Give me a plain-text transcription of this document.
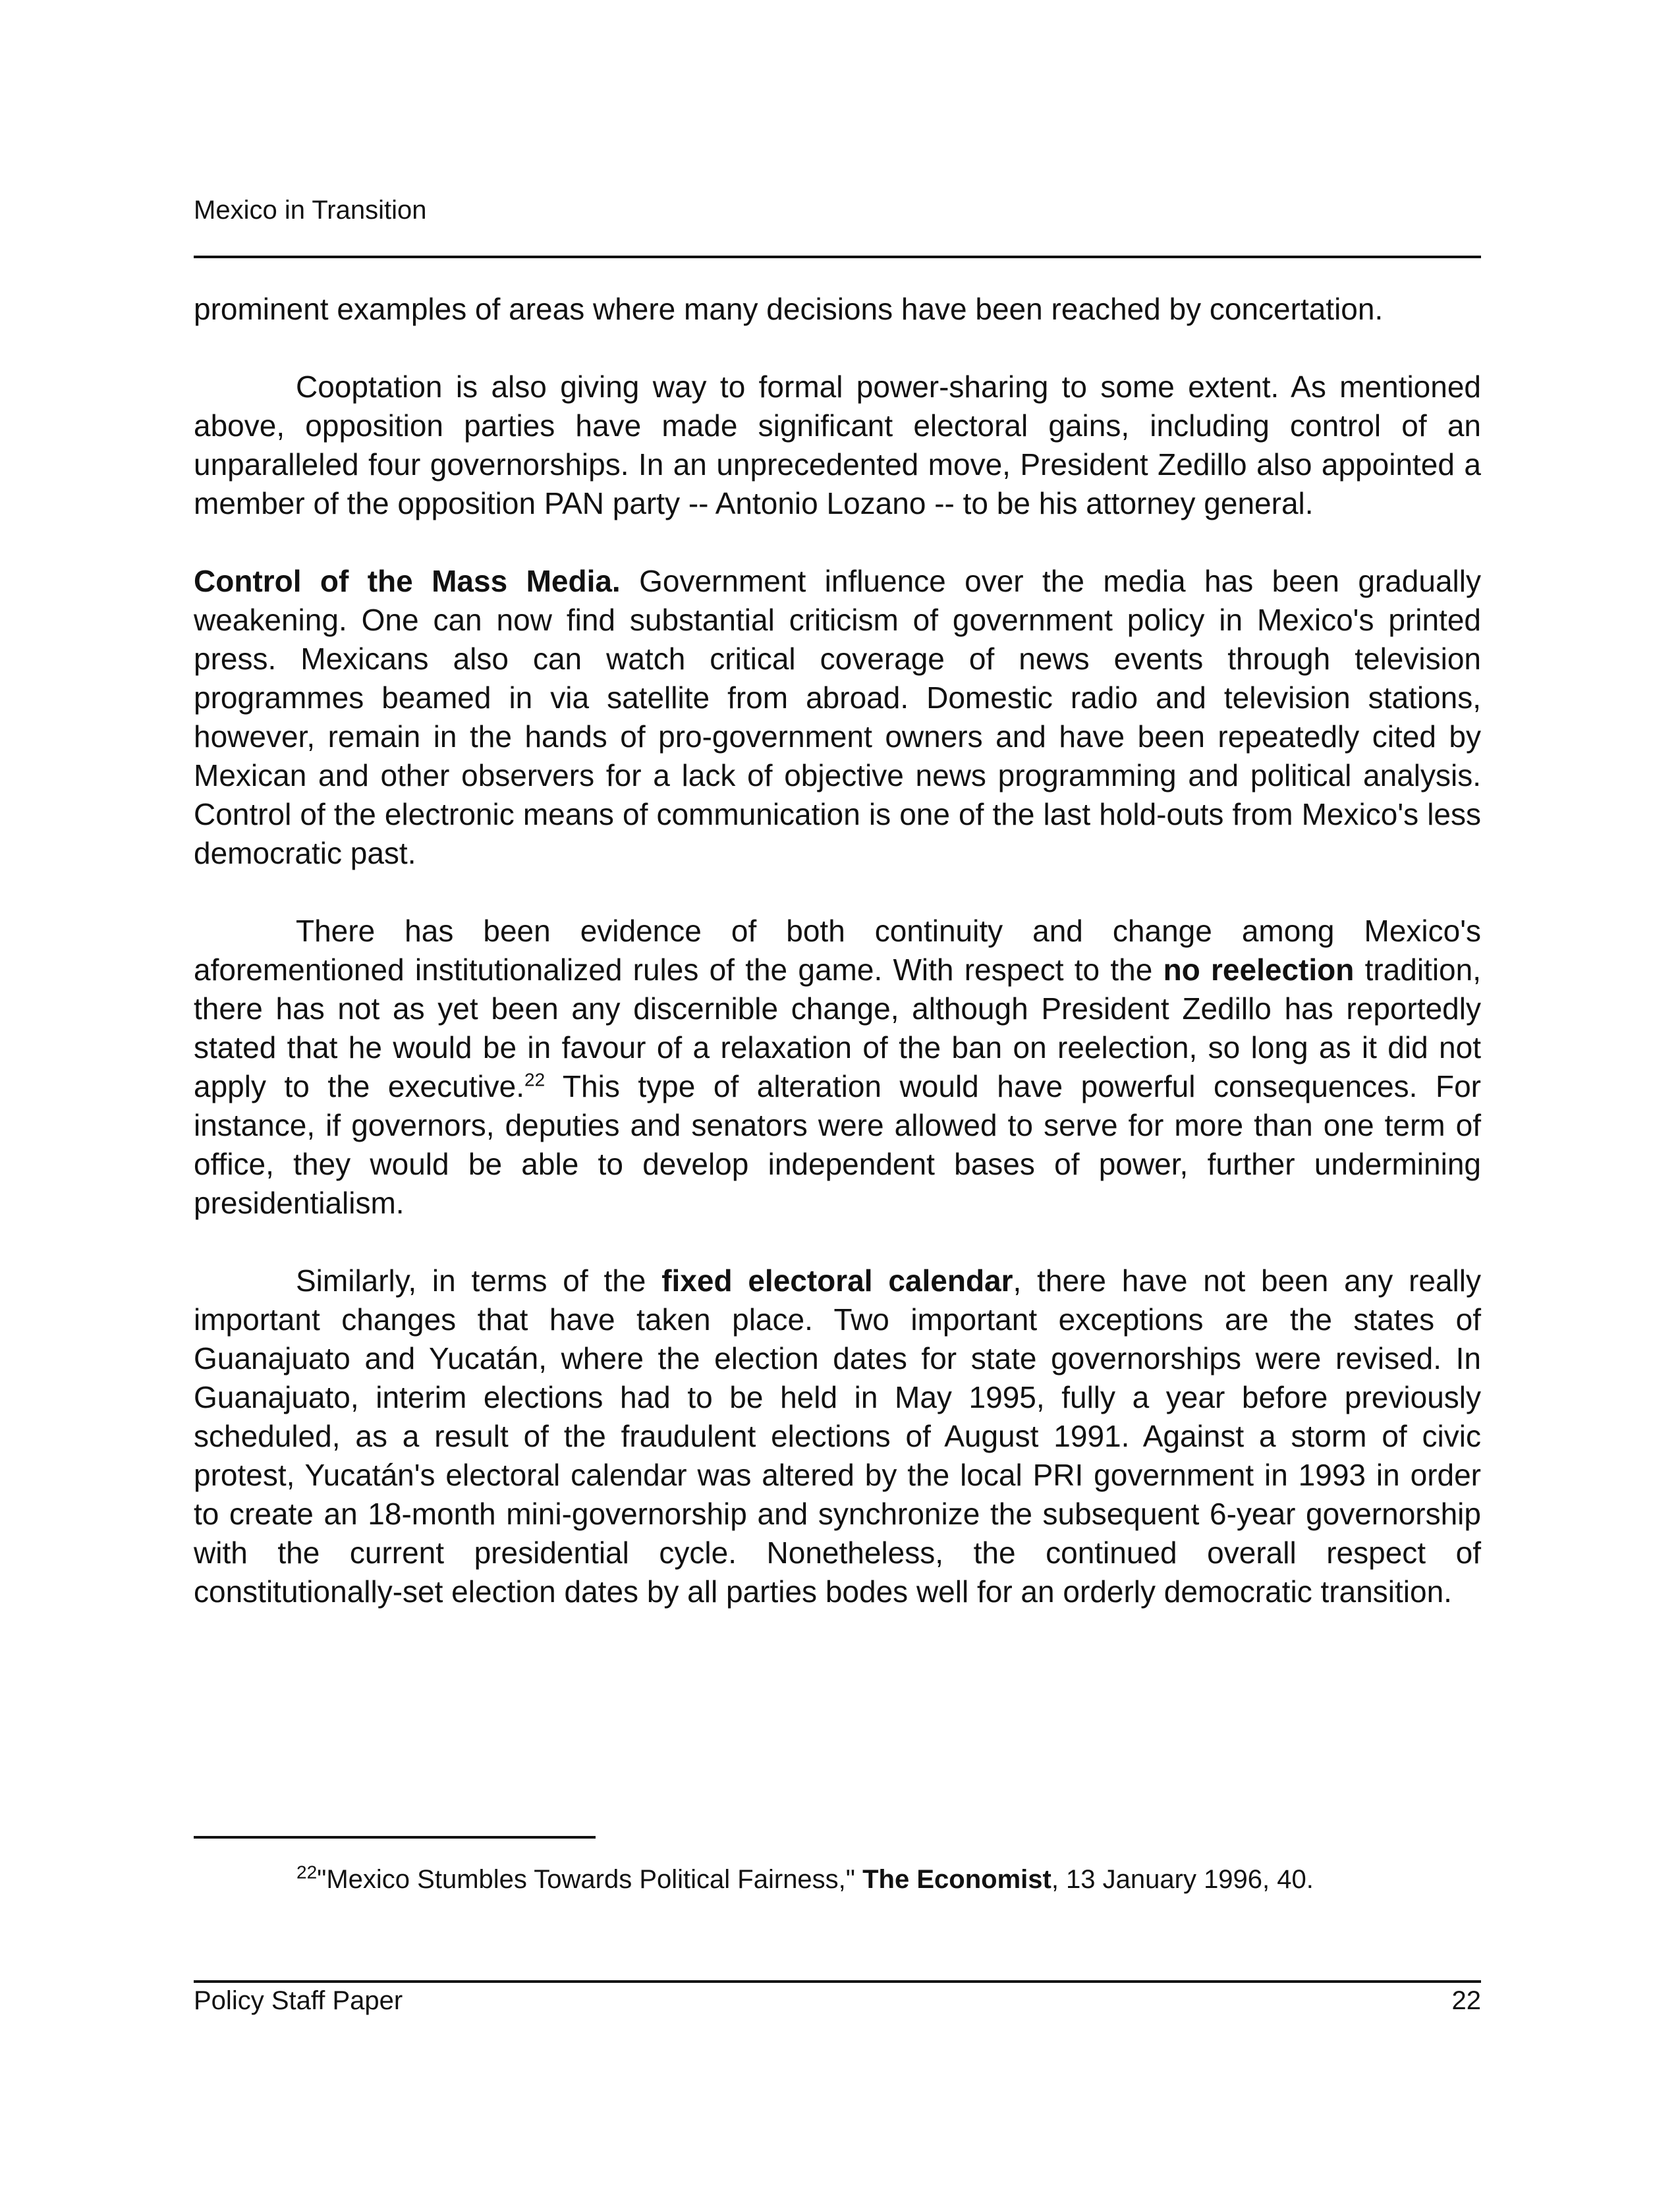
Mexico in Transition

prominent examples of areas where many decisions have been reached by concertation.

Cooptation is also giving way to formal power-sharing to some extent. As mentioned above, opposition parties have made significant electoral gains, including control of an unparalleled four governorships. In an unprecedented move, President Zedillo also appointed a member of the opposition PAN party -- Antonio Lozano -- to be his attorney general.

Control of the Mass Media. Government influence over the media has been gradually weakening. One can now find substantial criticism of government policy in Mexico's printed press. Mexicans also can watch critical coverage of news events through television programmes beamed in via satellite from abroad. Domestic radio and television stations, however, remain in the hands of pro-government owners and have been repeatedly cited by Mexican and other observers for a lack of objective news programming and political analysis. Control of the electronic means of communication is one of the last hold-outs from Mexico's less democratic past.

There has been evidence of both continuity and change among Mexico's aforementioned institutionalized rules of the game. With respect to the no reelection tradition, there has not as yet been any discernible change, although President Zedillo has reportedly stated that he would be in favour of a relaxation of the ban on reelection, so long as it did not apply to the executive.$^{22}$ This type of alteration would have powerful consequences. For instance, if governors, deputies and senators were allowed to serve for more than one term of office, they would be able to develop independent bases of power, further undermining presidentialism.

Similarly, in terms of the fixed electoral calendar, there have not been any really important changes that have taken place. Two important exceptions are the states of Guanajuato and Yucatán, where the election dates for state governorships were revised. In Guanajuato, interim elections had to be held in May 1995, fully a year before previously scheduled, as a result of the fraudulent elections of August 1991. Against a storm of civic protest, Yucatán's electoral calendar was altered by the local PRI government in 1993 in order to create an 18-month mini-governorship and synchronize the subsequent 6-year governorship with the current presidential cycle. Nonetheless, the continued overall respect of constitutionally-set election dates by all parties bodes well for an orderly democratic transition.

$^{22}$"Mexico Stumbles Towards Political Fairness," The Economist, 13 January 1996, 40.
Policy Staff Paper	22
